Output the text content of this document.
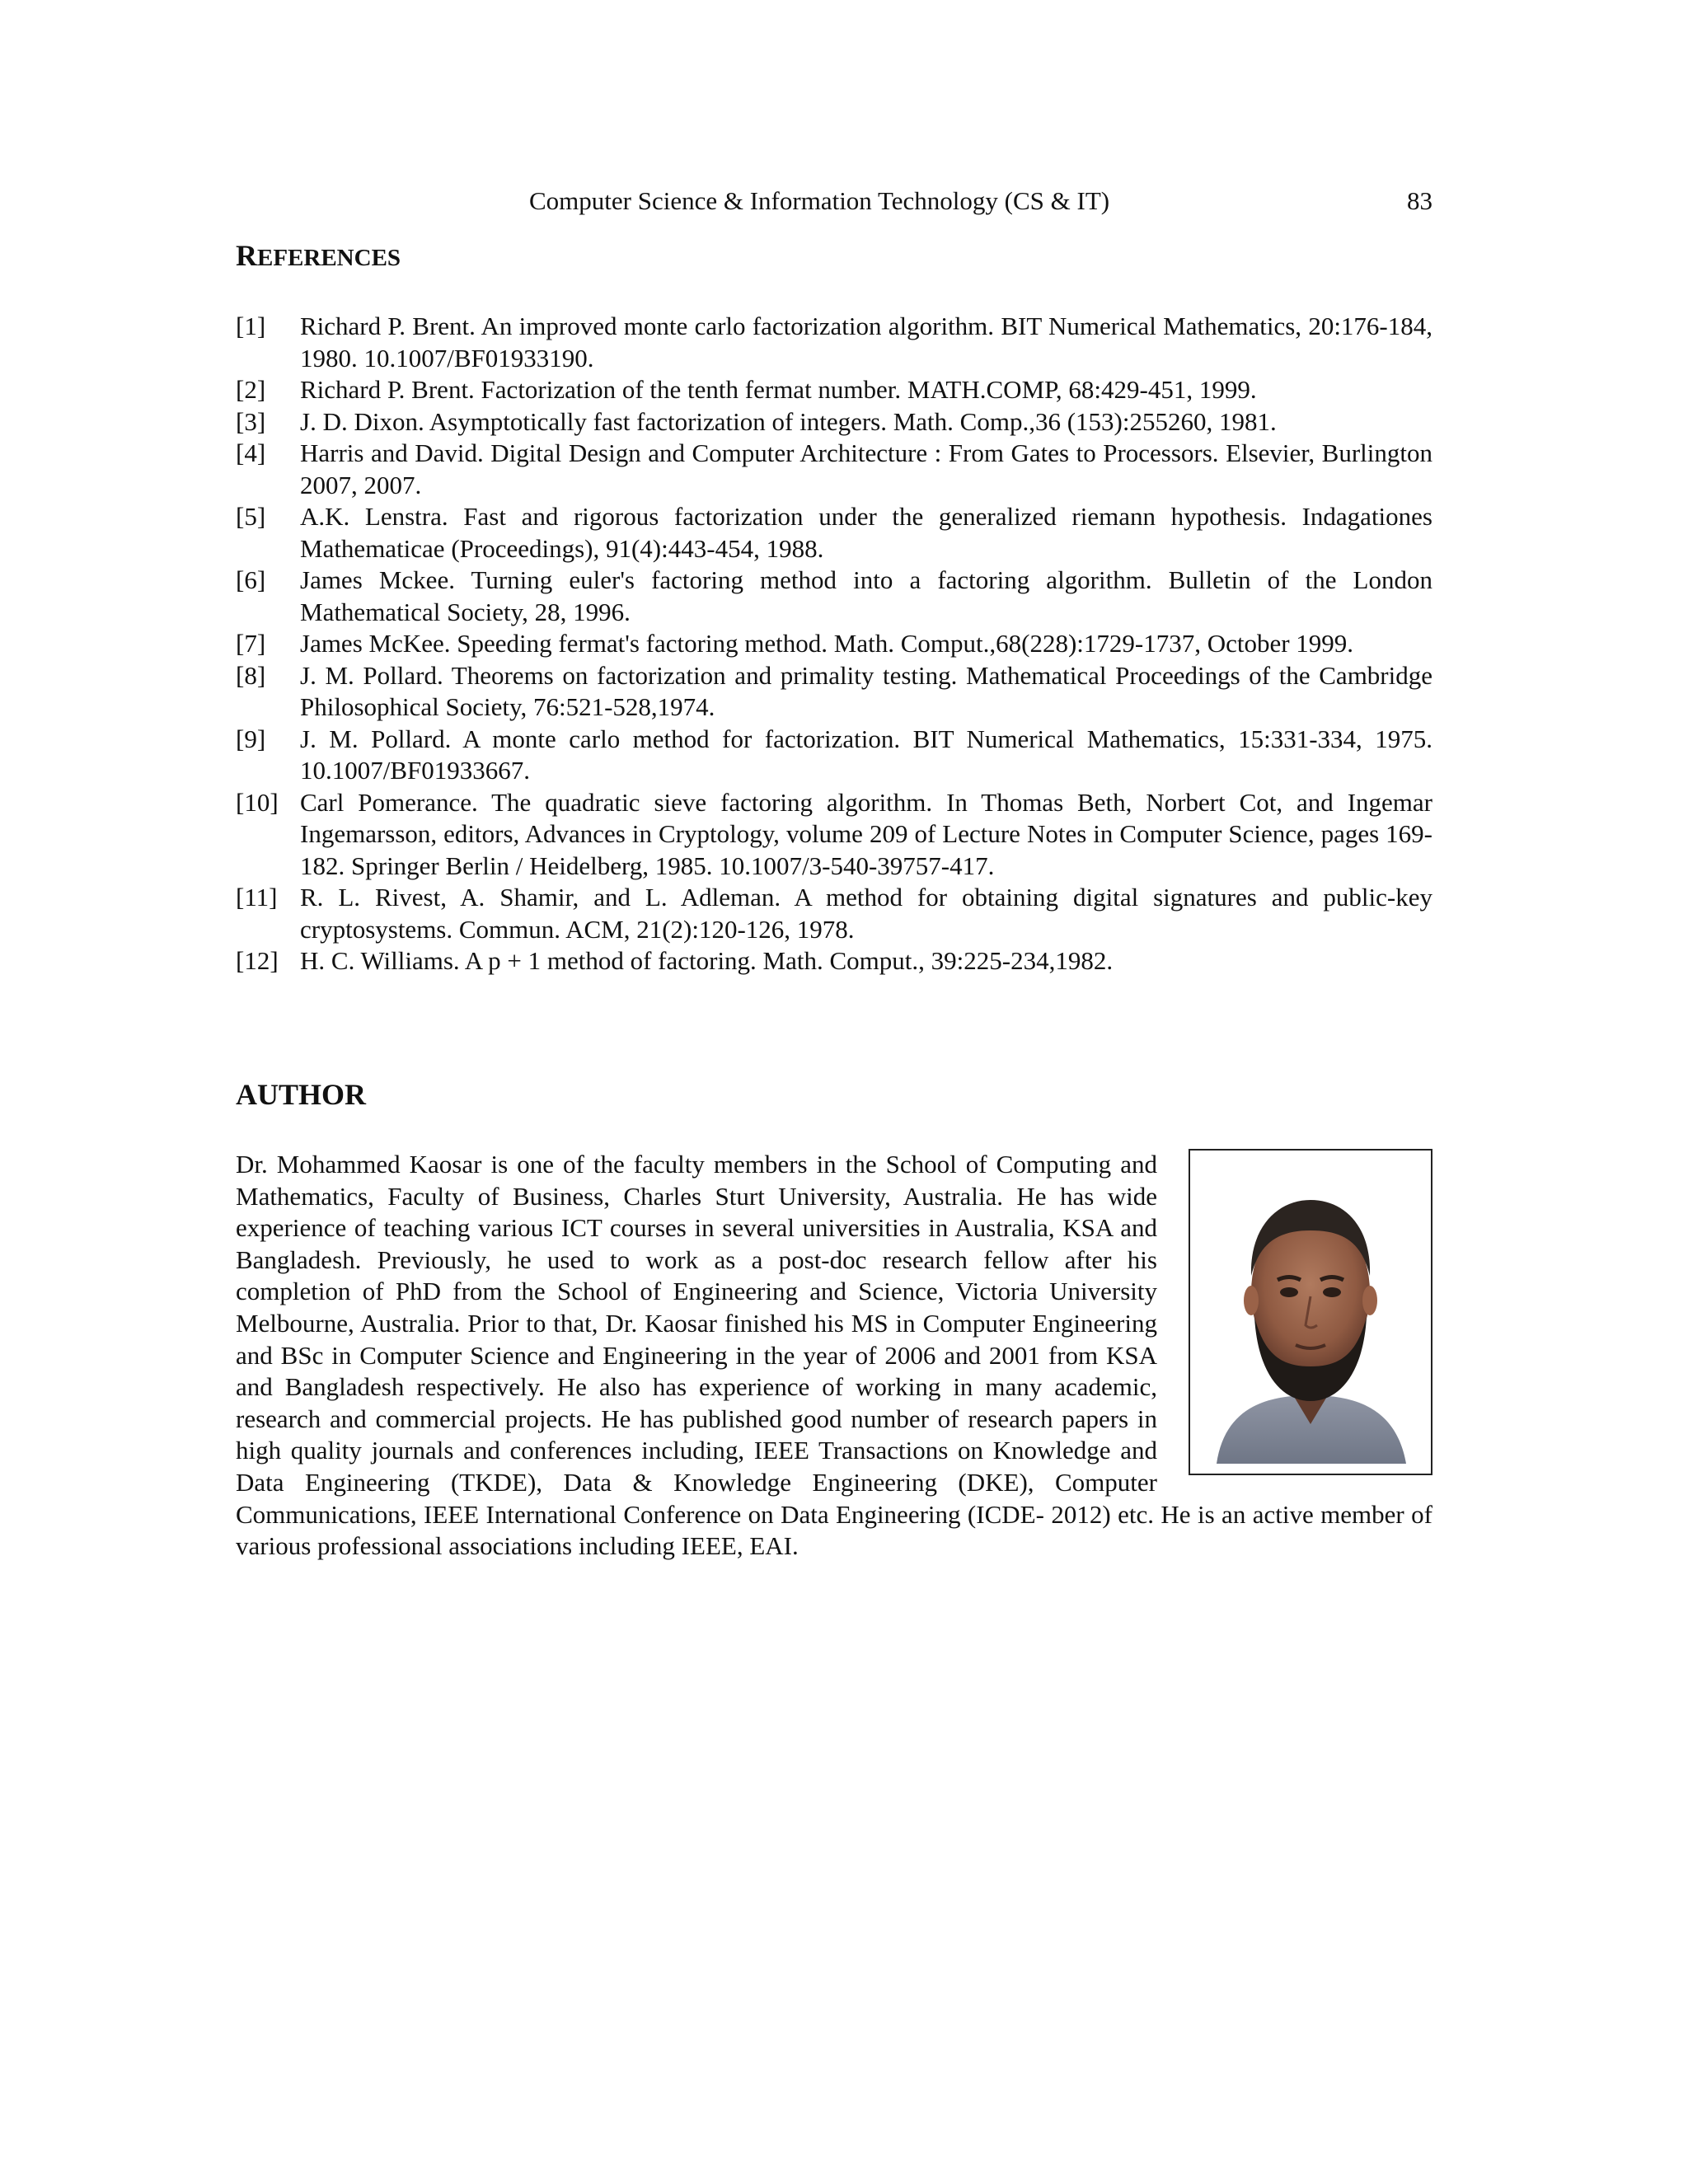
Computer Science & Information Technology (CS & IT)	83
REFERENCES
[1] Richard P. Brent. An improved monte carlo factorization algorithm. BIT Numerical Mathematics, 20:176-184, 1980. 10.1007/BF01933190.
[2] Richard P. Brent. Factorization of the tenth fermat number. MATH.COMP, 68:429-451, 1999.
[3] J. D. Dixon. Asymptotically fast factorization of integers. Math. Comp.,36 (153):255260, 1981.
[4] Harris and David. Digital Design and Computer Architecture : From Gates to Processors. Elsevier, Burlington 2007, 2007.
[5] A.K. Lenstra. Fast and rigorous factorization under the generalized riemann hypothesis. Indagationes Mathematicae (Proceedings), 91(4):443-454, 1988.
[6] James Mckee. Turning euler's factoring method into a factoring algorithm. Bulletin of the London Mathematical Society, 28, 1996.
[7] James McKee. Speeding fermat's factoring method. Math. Comput.,68(228):1729-1737, October 1999.
[8] J. M. Pollard. Theorems on factorization and primality testing. Mathematical Proceedings of the Cambridge Philosophical Society, 76:521-528,1974.
[9] J. M. Pollard. A monte carlo method for factorization. BIT Numerical Mathematics, 15:331-334, 1975. 10.1007/BF01933667.
[10] Carl Pomerance. The quadratic sieve factoring algorithm. In Thomas Beth, Norbert Cot, and Ingemar Ingemarsson, editors, Advances in Cryptology, volume 209 of Lecture Notes in Computer Science, pages 169-182. Springer Berlin / Heidelberg, 1985. 10.1007/3-540-39757-417.
[11] R. L. Rivest, A. Shamir, and L. Adleman. A method for obtaining digital signatures and public-key cryptosystems. Commun. ACM, 21(2):120-126, 1978.
[12] H. C. Williams. A p + 1 method of factoring. Math. Comput., 39:225-234,1982.
AUTHOR
Dr. Mohammed Kaosar is one of the faculty members in the School of Computing and Mathematics, Faculty of Business, Charles Sturt University, Australia. He has wide experience of teaching various ICT courses in several universities in Australia, KSA and Bangladesh. Previously, he used to work as a post-doc research fellow after his completion of PhD from the School of Engineering and Science, Victoria University Melbourne, Australia. Prior to that, Dr. Kaosar finished his MS in Computer Engineering and BSc in Computer Science and Engineering in the year of 2006 and 2001 from KSA and Bangladesh respectively. He also has experience of working in many academic, research and commercial projects. He has published good number of research papers in high quality journals and conferences including, IEEE Transactions on Knowledge and Data Engineering (TKDE), Data & Knowledge Engineering (DKE), Computer Communications, IEEE International Conference on Data Engineering (ICDE- 2012) etc. He is an active member of various professional associations including IEEE, EAI.
